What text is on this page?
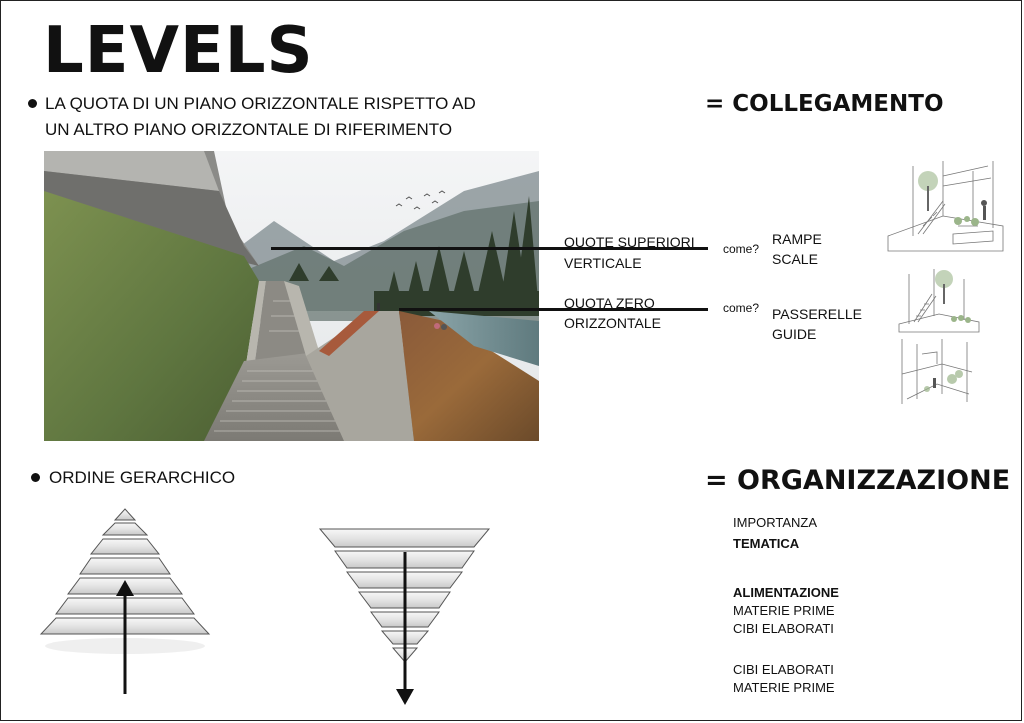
LEVELS
LA QUOTA DI UN PIANO ORIZZONTALE RISPETTO AD
UN ALTRO PIANO ORIZZONTALE DI RIFERIMENTO
= COLLEGAMENTO
QUOTE SUPERIORI
VERTICALE
come?
RAMPE
SCALE
QUOTA ZERO
ORIZZONTALE
come? PASSERELLE
GUIDE
ORDINE GERARCHICO	= ORGANIZZAZIONE
IMPORTANZA
TEMATICA
ALIMENTAZIONE
MATERIE PRIME
CIBI ELABORATI
CIBI ELABORATI
MATERIE PRIME
